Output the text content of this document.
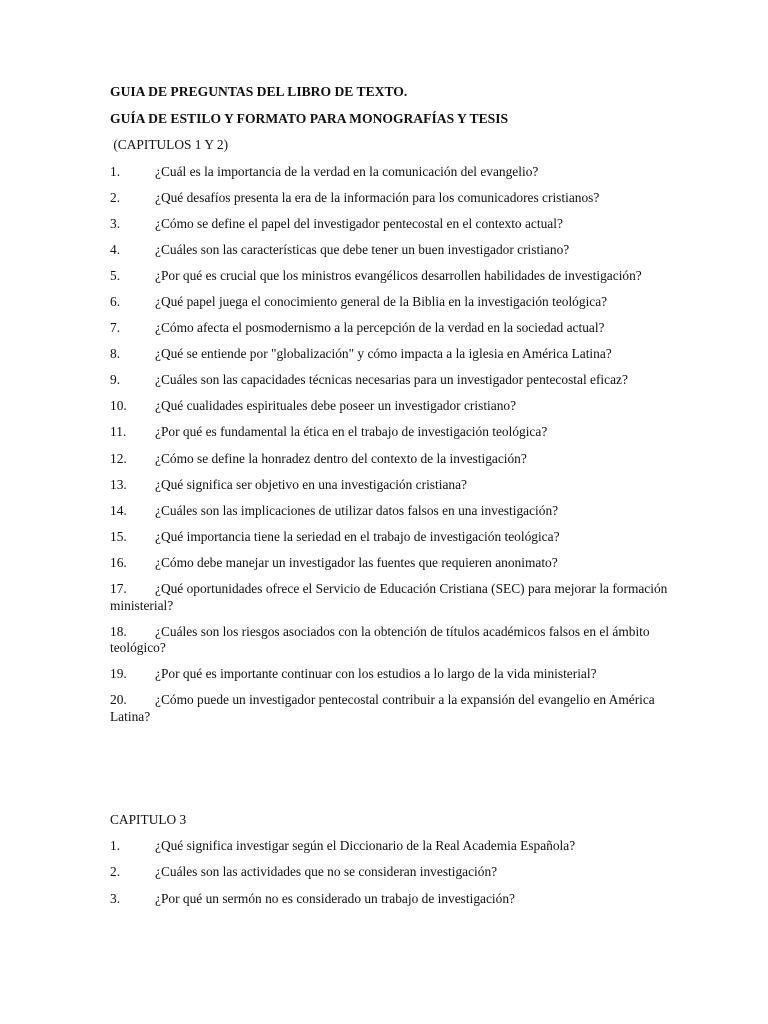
GUIA DE PREGUNTAS DEL LIBRO DE TEXTO.

GUÍA DE ESTILO Y FORMATO PARA MONOGRAFÍAS Y TESIS

(CAPITULOS 1 Y 2)

1.	¿Cuál es la importancia de la verdad en la comunicación del evangelio?

2.	¿Qué desafíos presenta la era de la información para los comunicadores cristianos?

3.	¿Cómo se define el papel del investigador pentecostal en el contexto actual?

4.	¿Cuáles son las características que debe tener un buen investigador cristiano?

5.	¿Por qué es crucial que los ministros evangélicos desarrollen habilidades de investigación?

6.	¿Qué papel juega el conocimiento general de la Biblia en la investigación teológica?

7.	¿Cómo afecta el posmodernismo a la percepción de la verdad en la sociedad actual?

8.	¿Qué se entiende por "globalización" y cómo impacta a la iglesia en América Latina?

9.	¿Cuáles son las capacidades técnicas necesarias para un investigador pentecostal eficaz?

10. ¿Qué cualidades espirituales debe poseer un investigador cristiano?

11. ¿Por qué es fundamental la ética en el trabajo de investigación teológica?

12. ¿Cómo se define la honradez dentro del contexto de la investigación?

13. ¿Qué significa ser objetivo en una investigación cristiana?

14. ¿Cuáles son las implicaciones de utilizar datos falsos en una investigación?

15. ¿Qué importancia tiene la seriedad en el trabajo de investigación teológica?

16. ¿Cómo debe manejar un investigador las fuentes que requieren anonimato?

17. ¿Qué oportunidades ofrece el Servicio de Educación Cristiana (SEC) para mejorar la formación ministerial?

18. ¿Cuáles son los riesgos asociados con la obtención de títulos académicos falsos en el ámbito teológico?

19. ¿Por qué es importante continuar con los estudios a lo largo de la vida ministerial?

20. ¿Cómo puede un investigador pentecostal contribuir a la expansión del evangelio en América Latina?

CAPITULO 3

1.	¿Qué significa investigar según el Diccionario de la Real Academia Española?

2.	¿Cuáles son las actividades que no se consideran investigación?

3.	¿Por qué un sermón no es considerado un trabajo de investigación?
